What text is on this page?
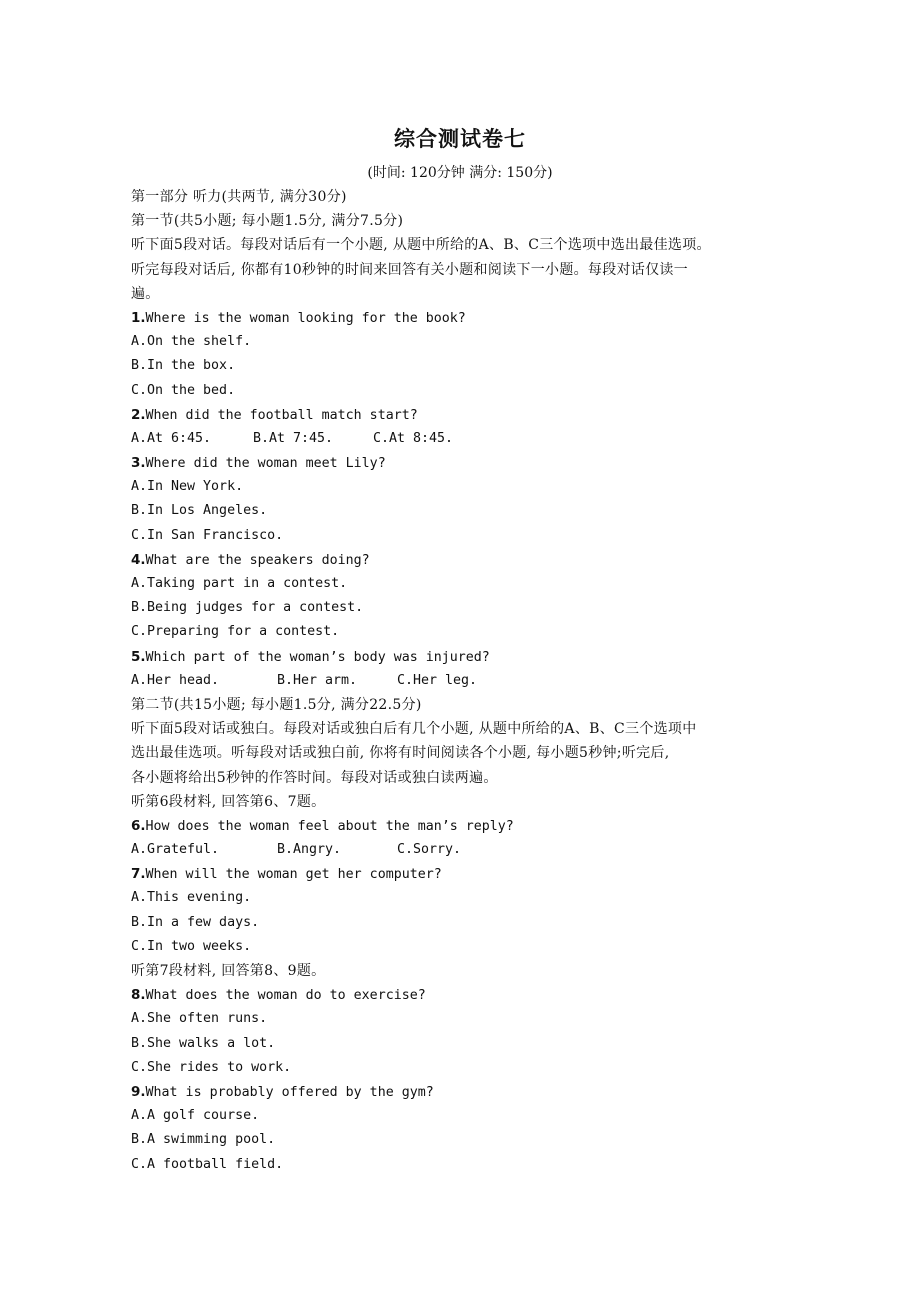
综合测试卷七
(时间: 120分钟 满分: 150分)
第一部分 听力(共两节, 满分30分)
第一节(共5小题; 每小题1.5分, 满分7.5分)
听下面5段对话。每段对话后有一个小题, 从题中所给的A、B、C三个选项中选出最佳选项。
听完每段对话后, 你都有10秒钟的时间来回答有关小题和阅读下一小题。每段对话仅读一
遍。
1.Where is the woman looking for the book?
A.On the shelf.
B.In the box.
C.On the bed.
2.When did the football match start?
A.At 6:45.	B.At 7:45.	C.At 8:45.
3.Where did the woman meet Lily?
A.In New York.
B.In Los Angeles.
C.In San Francisco.
4.What are the speakers doing?
A.Taking part in a contest.
B.Being judges for a contest.
C.Preparing for a contest.
5.Which part of the woman’s body was injured?
A.Her head.	B.Her arm.	C.Her leg.
第二节(共15小题; 每小题1.5分, 满分22.5分)
听下面5段对话或独白。每段对话或独白后有几个小题, 从题中所给的A、B、C三个选项中
选出最佳选项。听每段对话或独白前, 你将有时间阅读各个小题, 每小题5秒钟;听完后,
各小题将给出5秒钟的作答时间。每段对话或独白读两遍。
听第6段材料, 回答第6、7题。
6.How does the woman feel about the man’s reply?
A.Grateful.	B.Angry.	C.Sorry.
7.When will the woman get her computer?
A.This evening.
B.In a few days.
C.In two weeks.
听第7段材料, 回答第8、9题。
8.What does the woman do to exercise?
A.She often runs.
B.She walks a lot.
C.She rides to work.
9.What is probably offered by the gym?
A.A golf course.
B.A swimming pool.
C.A football field.
